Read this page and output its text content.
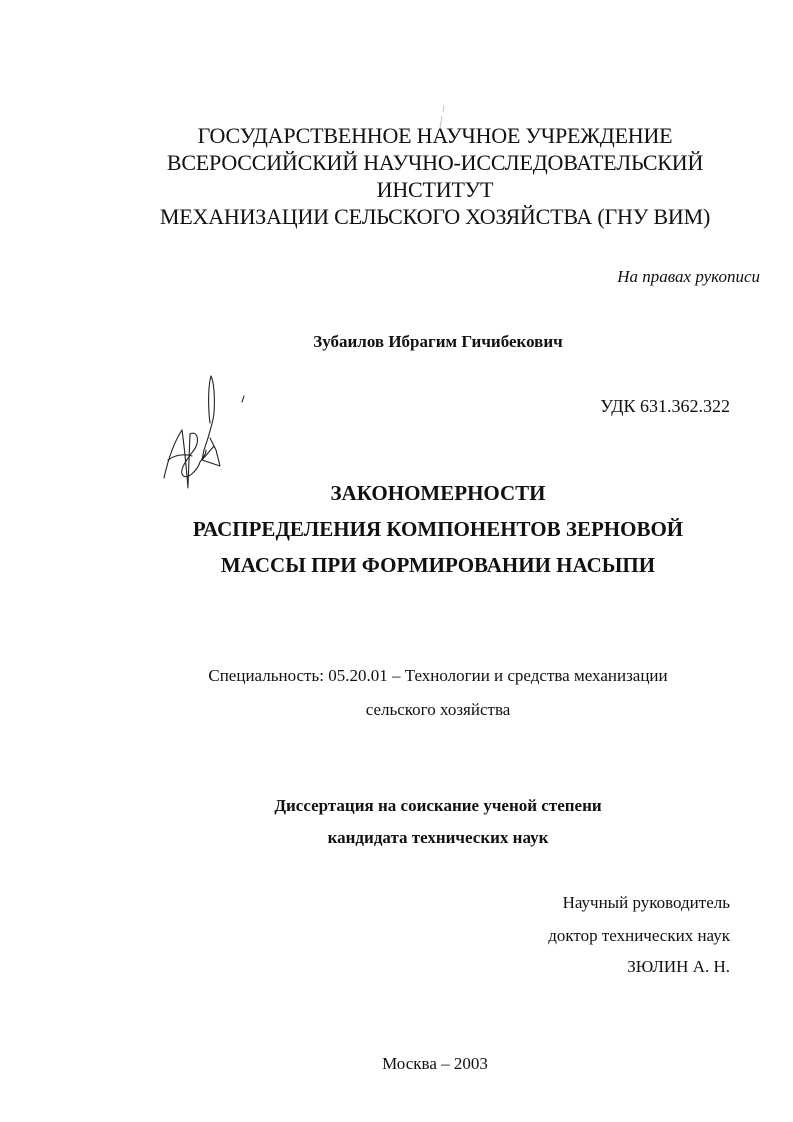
ГОСУДАРСТВЕННОЕ НАУЧНОЕ УЧРЕЖДЕНИЕ
ВСЕРОССИЙСКИЙ НАУЧНО-ИССЛЕДОВАТЕЛЬСКИЙ
ИНСТИТУТ
МЕХАНИЗАЦИИ СЕЛЬСКОГО ХОЗЯЙСТВА (ГНУ ВИМ)
На правах рукописи
Зубаилов Ибрагим Гичибекович
УДК 631.362.322
ЗАКОНОМЕРНОСТИ
РАСПРЕДЕЛЕНИЯ КОМПОНЕНТОВ ЗЕРНОВОЙ
МАССЫ ПРИ ФОРМИРОВАНИИ НАСЫПИ
Специальность: 05.20.01 – Технологии и средства механизации
сельского хозяйства
Диссертация на соискание ученой степени
кандидата технических наук
Научный руководитель
доктор технических наук
ЗЮЛИН А. Н.
Москва – 2003
